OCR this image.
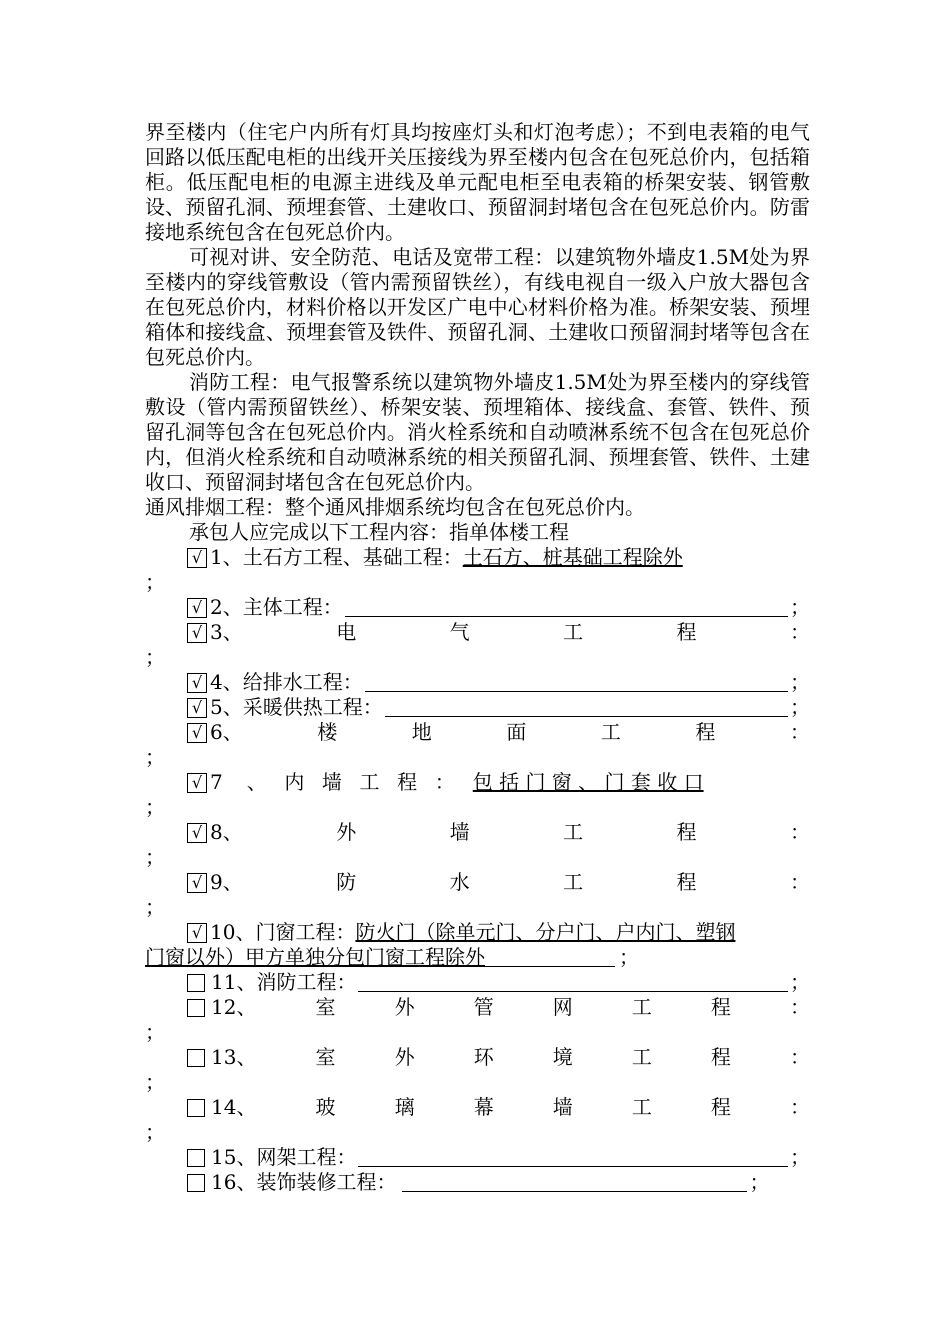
界至楼内（住宅户内所有灯具均按座灯头和灯泡考虑）；不到电表箱的电气回路以低压配电柜的出线开关压接线为界至楼内包含在包死总价内，包括箱柜。低压配电柜的电源主进线及单元配电柜至电表箱的桥架安装、钢管敷设、预留孔洞、预埋套管、土建收口、预留洞封堵包含在包死总价内。防雷接地系统包含在包死总价内。

可视对讲、安全防范、电话及宽带工程：以建筑物外墙皮1.5M处为界至楼内的穿线管敷设（管内需预留铁丝），有线电视自一级入户放大器包含在包死总价内，材料价格以开发区广电中心材料价格为准。桥架安装、预埋箱体和接线盒、预埋套管及铁件、预留孔洞、土建收口预留洞封堵等包含在包死总价内。

消防工程：电气报警系统以建筑物外墙皮1.5M处为界至楼内的穿线管敷设（管内需预留铁丝）、桥架安装、预埋箱体、接线盒、套管、铁件、预留孔洞等包含在包死总价内。消火栓系统和自动喷淋系统不包含在包死总价内，但消火栓系统和自动喷淋系统的相关预留孔洞、预埋套管、铁件、土建收口、预留洞封堵包含在包死总价内。

通风排烟工程：整个通风排烟系统均包含在包死总价内。

承包人应完成以下工程内容：指单体楼工程

√ 1、土石方工程、基础工程： 土石方、桩基础工程除外
；
√ 2、主体工程：	；
√ 3 、	电	气	工	程	：
；
√ 4、给排水工程：	；
√ 5、采暖供热工程：	；
√ 6 、	楼	地	面	工	程	：
；
√ 7 、 内 墙 工 程 ： 包 括 门 窗 、 门 套 收 口
；
√ 8 、	外	墙	工	程	：
；
√ 9 、	防	水	工	程	：
；
√ 10、门窗工程： 防火门（除单元门、分户门、户内门、塑钢
门窗以外）甲方单独分包门窗工程除外	；
11、消防工程：	；
12 、	室	外	管	网	工	程	：
；
13 、	室	外	环	境	工	程	：
；
14 、	玻	璃	幕	墙	工	程	：
；
15、网架工程：	；
16、装饰装修工程：	；
